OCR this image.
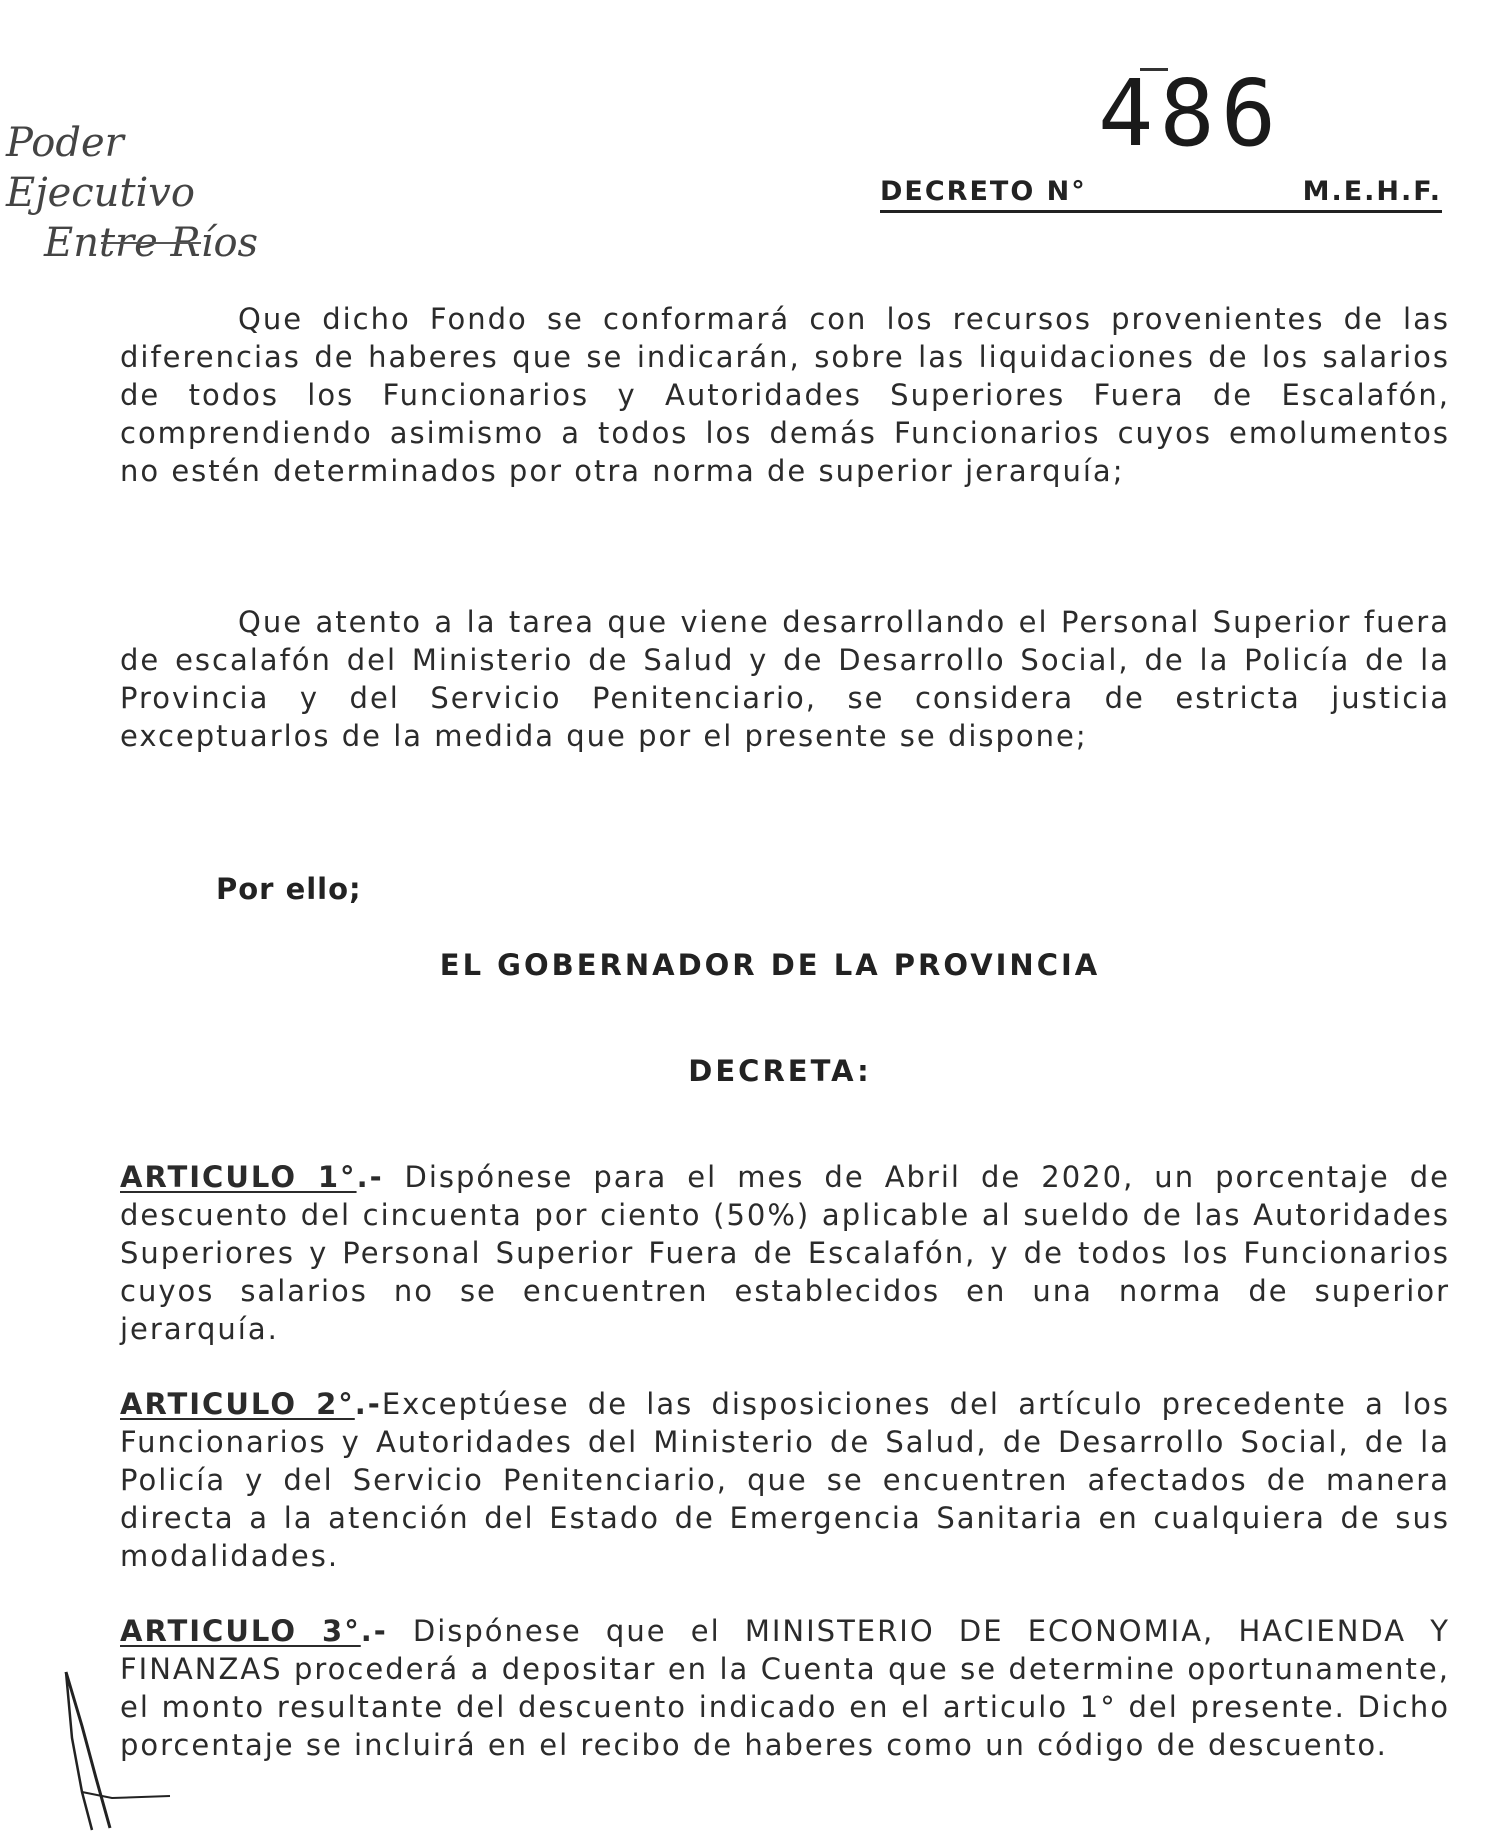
Poder Ejecutivo
Entre Ríos
486
DECRETO N°	M.E.H.F.

Que dicho Fondo se conformará con los recursos provenientes de las diferencias de haberes que se indicarán, sobre las liquidaciones de los salarios de todos los Funcionarios y Autoridades Superiores Fuera de Escalafón, comprendiendo asimismo a todos los demás Funcionarios cuyos emolumentos no estén determinados por otra norma de superior jerarquía;

Que atento a la tarea que viene desarrollando el Personal Superior fuera de escalafón del Ministerio de Salud y de Desarrollo Social, de la Policía de la Provincia y del Servicio Penitenciario, se considera de estricta justicia exceptuarlos de la medida que por el presente se dispone;

Por ello;
EL GOBERNADOR DE LA PROVINCIA
DECRETA:

ARTICULO 1°.- Dispónese para el mes de Abril de 2020, un porcentaje de descuento del cincuenta por ciento (50%) aplicable al sueldo de las Autoridades Superiores y Personal Superior Fuera de Escalafón, y de todos los Funcionarios cuyos salarios no se encuentren establecidos en una norma de superior jerarquía.

ARTICULO 2°.-Exceptúese de las disposiciones del artículo precedente a los Funcionarios y Autoridades del Ministerio de Salud, de Desarrollo Social, de la Policía y del Servicio Penitenciario, que se encuentren afectados de manera directa a la atención del Estado de Emergencia Sanitaria en cualquiera de sus modalidades.

ARTICULO 3°.- Dispónese que el MINISTERIO DE ECONOMIA, HACIENDA Y FINANZAS procederá a depositar en la Cuenta que se determine oportunamente, el monto resultante del descuento indicado en el articulo 1° del presente. Dicho porcentaje se incluirá en el recibo de haberes como un código de descuento.
